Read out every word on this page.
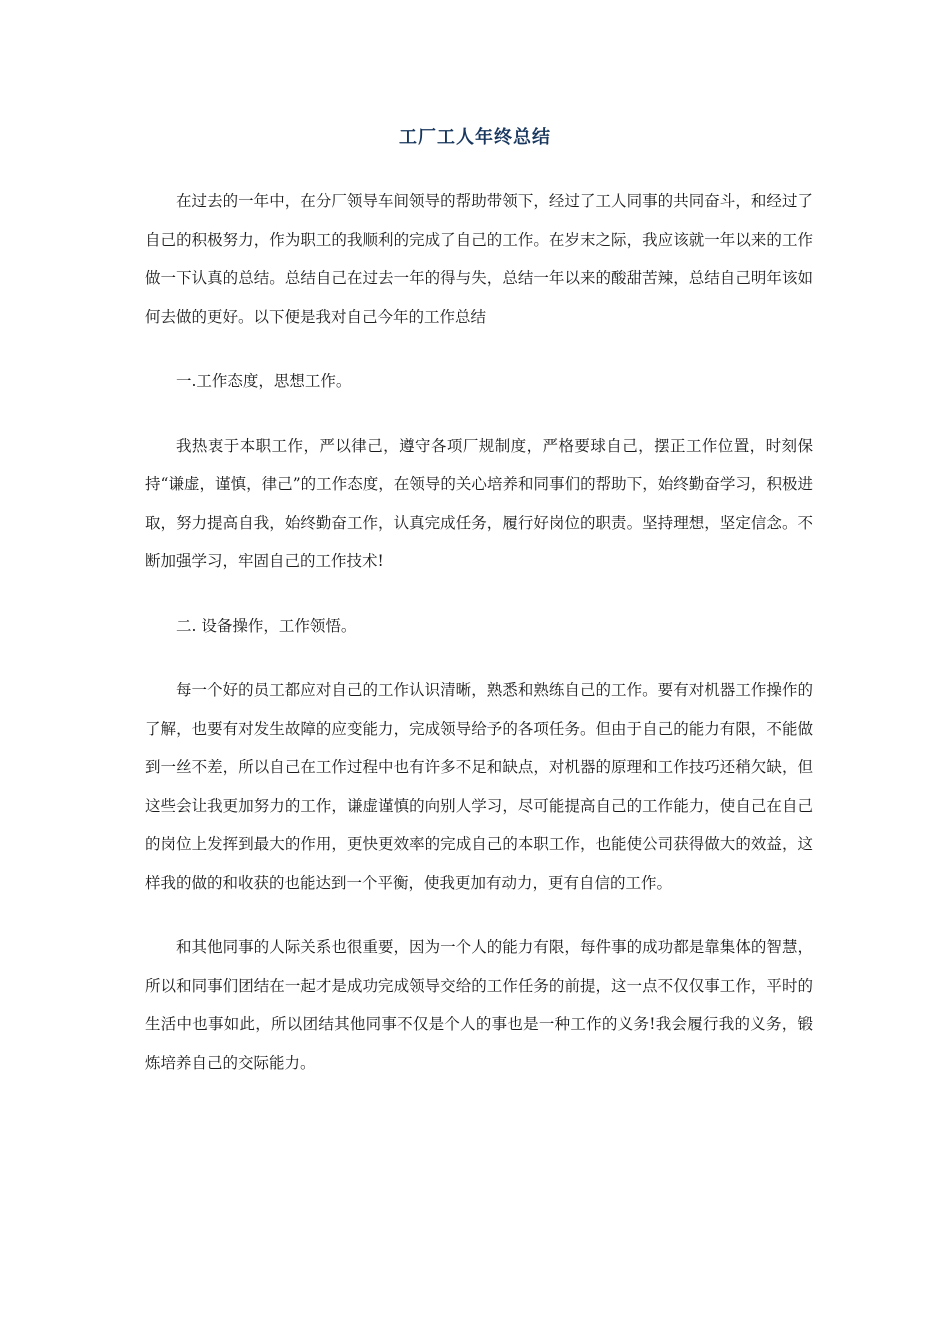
工厂工人年终总结

在过去的一年中，在分厂领导车间领导的帮助带领下，经过了工人同事的共同奋斗，和经过了自己的积极努力，作为职工的我顺利的完成了自己的工作。在岁末之际，我应该就一年以来的工作做一下认真的总结。总结自己在过去一年的得与失，总结一年以来的酸甜苦辣，总结自己明年该如何去做的更好。以下便是我对自己今年的工作总结

一.工作态度，思想工作。

我热衷于本职工作，严以律己，遵守各项厂规制度，严格要球自己，摆正工作位置，时刻保持“谦虚，谨慎，律己”的工作态度，在领导的关心培养和同事们的帮助下，始终勤奋学习，积极进取，努力提高自我，始终勤奋工作，认真完成任务，履行好岗位的职责。坚持理想，坚定信念。不断加强学习，牢固自己的工作技术!

二. 设备操作，工作领悟。

每一个好的员工都应对自己的工作认识清晰，熟悉和熟练自己的工作。要有对机器工作操作的了解，也要有对发生故障的应变能力，完成领导给予的各项任务。但由于自己的能力有限，不能做到一丝不差，所以自己在工作过程中也有许多不足和缺点，对机器的原理和工作技巧还稍欠缺，但这些会让我更加努力的工作，谦虚谨慎的向别人学习，尽可能提高自己的工作能力，使自己在自己的岗位上发挥到最大的作用，更快更效率的完成自己的本职工作，也能使公司获得做大的效益，这样我的做的和收获的也能达到一个平衡，使我更加有动力，更有自信的工作。

和其他同事的人际关系也很重要，因为一个人的能力有限，每件事的成功都是靠集体的智慧，所以和同事们团结在一起才是成功完成领导交给的工作任务的前提，这一点不仅仅事工作，平时的生活中也事如此，所以团结其他同事不仅是个人的事也是一种工作的义务!我会履行我的义务，锻炼培养自己的交际能力。
